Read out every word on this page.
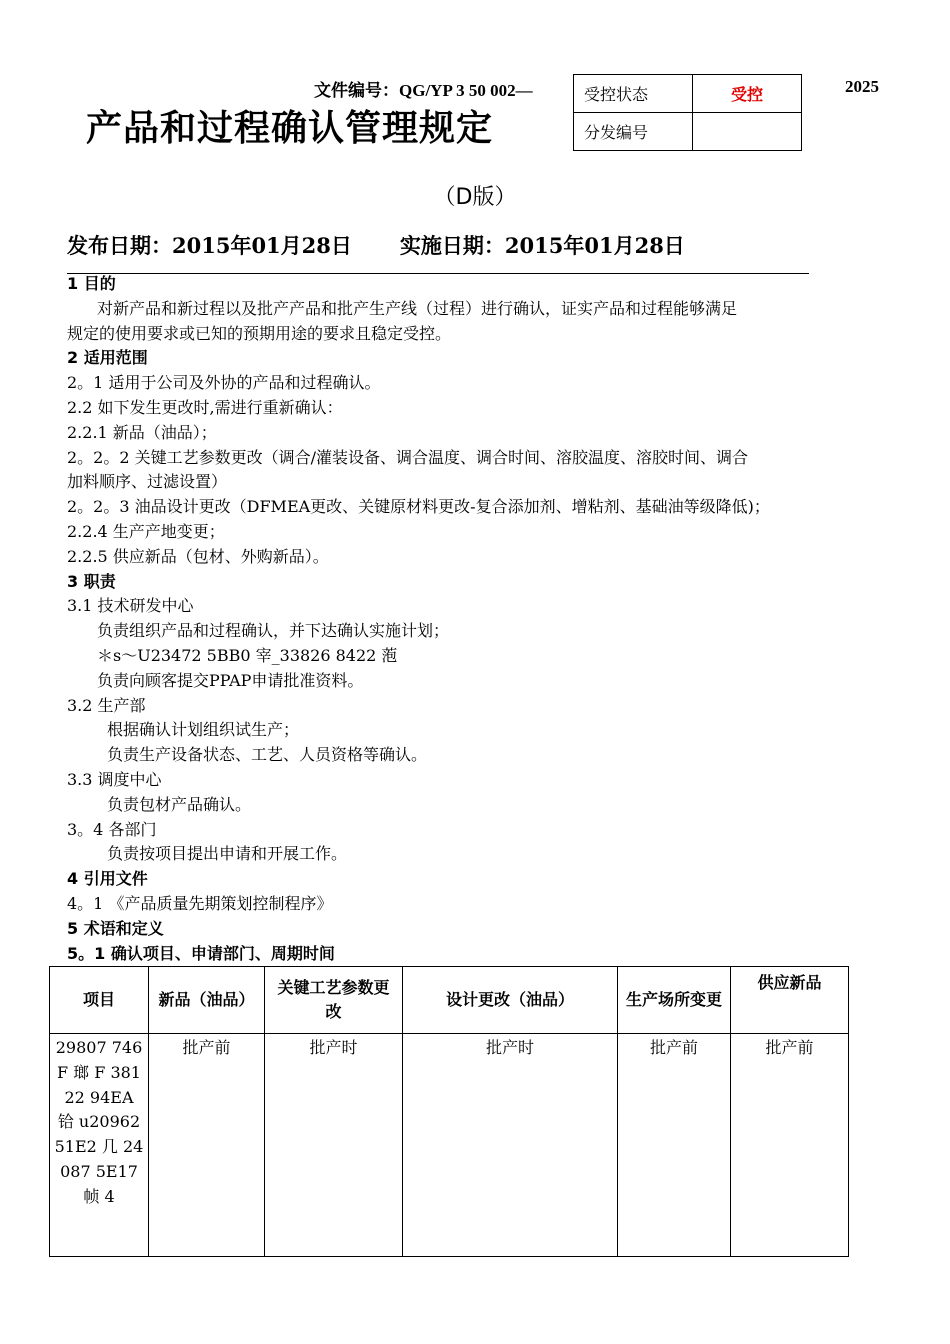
文件编号：QG/YP 3 50 002—	2025
产品和过程确认管理规定
受控状态	受控
分发编号	
（D版）
发布日期：2015年01月28日 实施日期：2015年01月28日

1 目的

对新产品和新过程以及批产产品和批产生产线（过程）进行确认，证实产品和过程能够满足

规定的使用要求或已知的预期用途的要求且稳定受控。

2 适用范围

2。1 适用于公司及外协的产品和过程确认。

2.2 如下发生更改时,需进行重新确认：

2.2.1 新品（油品）；

2。2。2 关键工艺参数更改（调合/灌装设备、调合温度、调合时间、溶胶温度、溶胶时间、调合

加料顺序、过滤设置）

2。2。3 油品设计更改（DFMEA更改、关键原材料更改-复合添加剂、增粘剂、基础油等级降低)；

2.2.4 生产产地变更；

2.2.5 供应新品（包材、外购新品）。

3 职责

3.1 技术研发中心

负责组织产品和过程确认，并下达确认实施计划；

＊s～U23472 5BB0 宰_33826 8422 萢

负责向顾客提交PPAP申请批准资料。

3.2 生产部

根据确认计划组织试生产；

负责生产设备状态、工艺、人员资格等确认。

3.3 调度中心

负责包材产品确认。

3。4 各部门

负责按项目提出申请和开展工作。

4 引用文件

4。1 《产品质量先期策划控制程序》

5 术语和定义

5。1 确认项目、申请部门、周期时间

项目	新品（油品）	关键工艺参数更改	设计更改（油品）	生产场所变更	供应新品
29807 746F 瑯 F 38122 94EA 铪 u20962 51E2 几 24087 5E17 帧 4	批产前	批产时	批产时	批产前	批产前
